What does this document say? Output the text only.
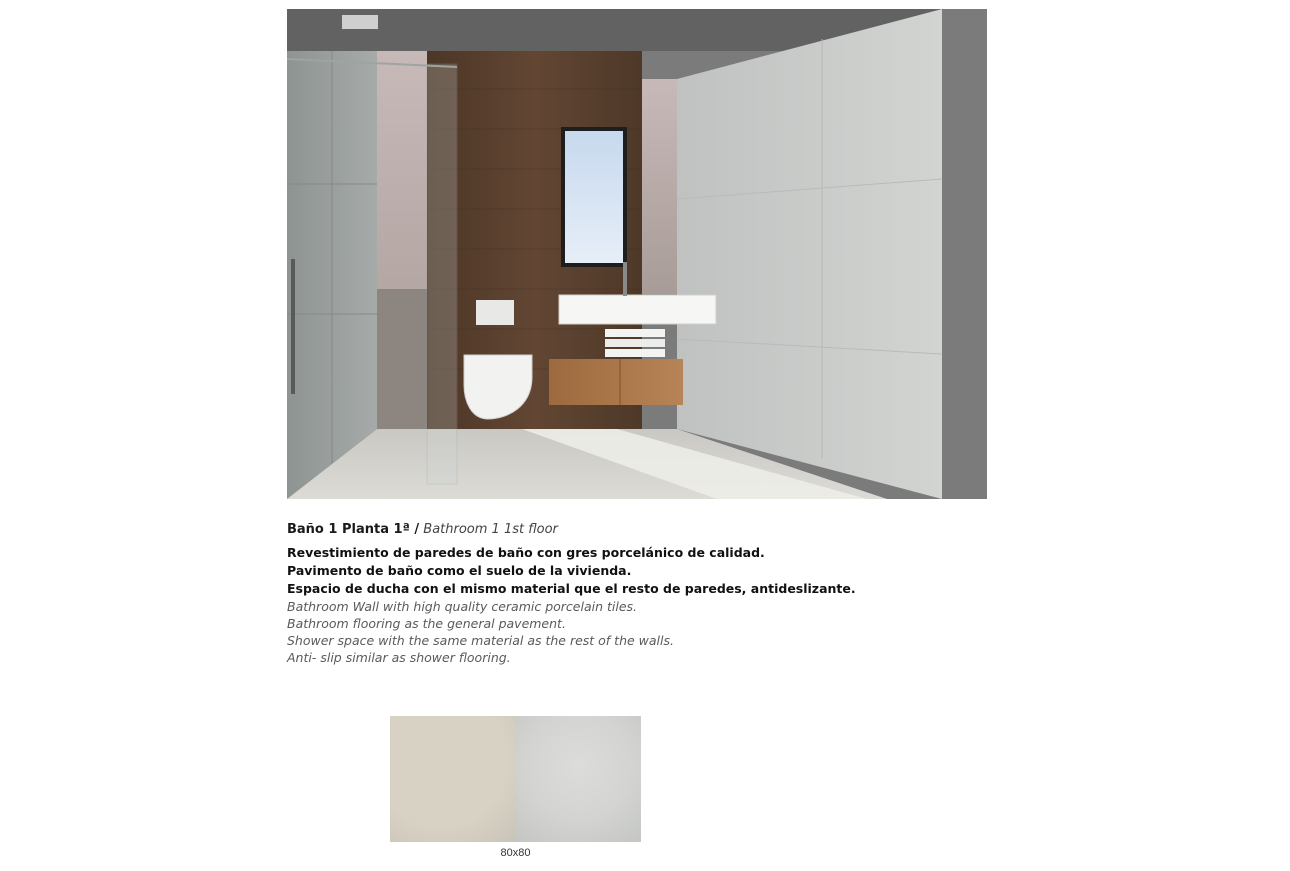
Baño 1 Planta 1ª / Bathroom 1 1st floor
Revestimiento de paredes de baño con gres porcelánico de calidad.
Pavimento de baño como el suelo de la vivienda.
Espacio de ducha con el mismo material que el resto de paredes, antideslizante.
Bathroom Wall with high quality ceramic porcelain tiles.
Bathroom flooring as the general pavement.
Shower space with the same material as the rest of the walls.
Anti- slip similar as shower flooring.
80x80
